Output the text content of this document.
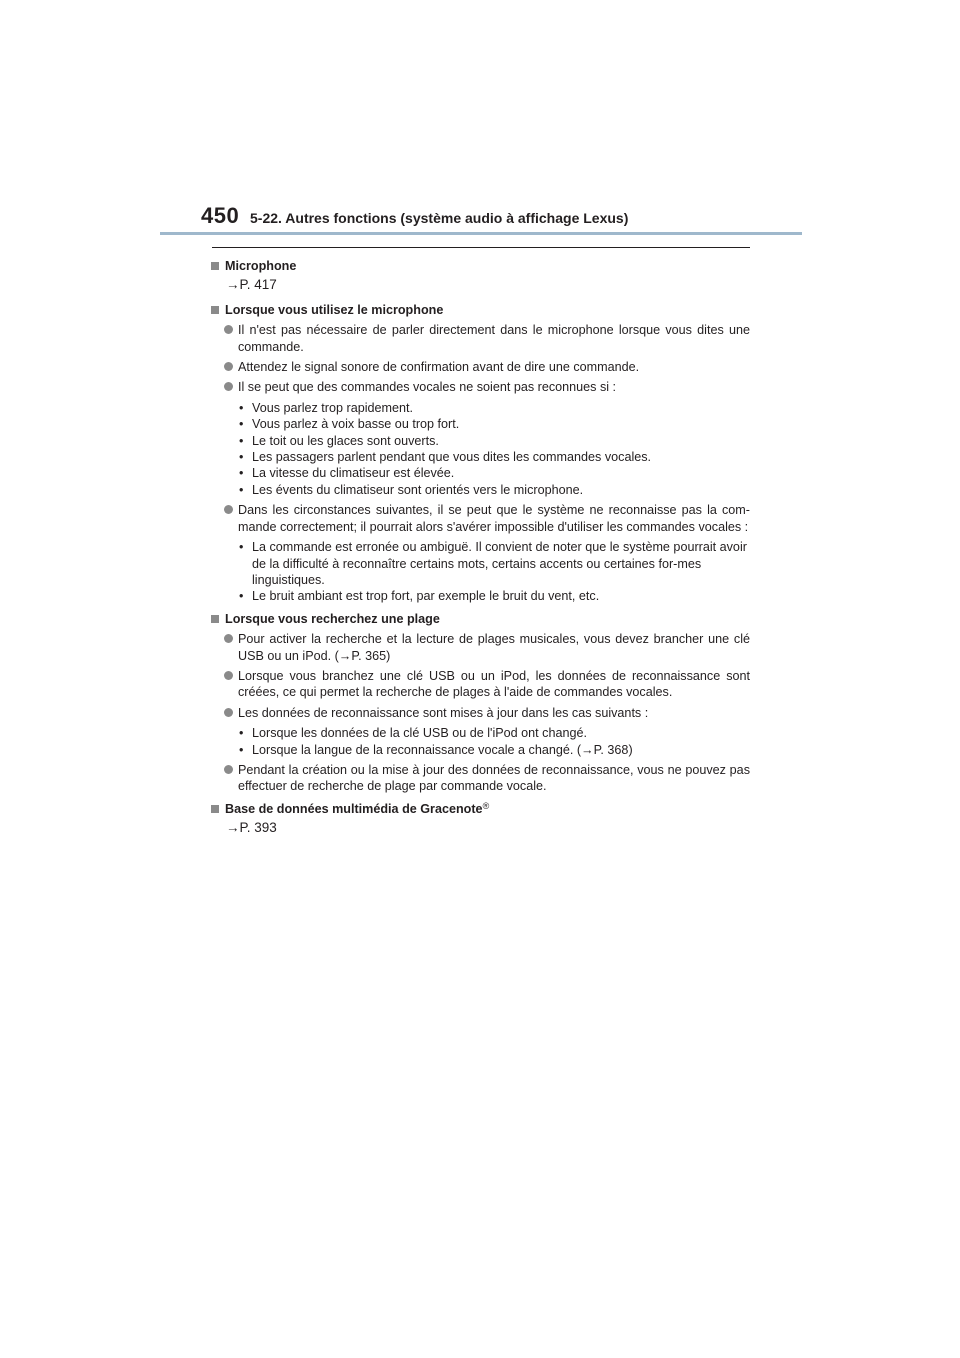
450 5-22. Autres fonctions (système audio à affichage Lexus)
Microphone
→P. 417
Lorsque vous utilisez le microphone
Il n'est pas nécessaire de parler directement dans le microphone lorsque vous dites une commande.
Attendez le signal sonore de confirmation avant de dire une commande.
Il se peut que des commandes vocales ne soient pas reconnues si :
• Vous parlez trop rapidement.
• Vous parlez à voix basse ou trop fort.
• Le toit ou les glaces sont ouverts.
• Les passagers parlent pendant que vous dites les commandes vocales.
• La vitesse du climatiseur est élevée.
• Les évents du climatiseur sont orientés vers le microphone.
Dans les circonstances suivantes, il se peut que le système ne reconnaisse pas la com-mande correctement; il pourrait alors s'avérer impossible d'utiliser les commandes vocales :
• La commande est erronée ou ambiguë. Il convient de noter que le système pourrait avoir de la difficulté à reconnaître certains mots, certains accents ou certaines for-mes linguistiques.
• Le bruit ambiant est trop fort, par exemple le bruit du vent, etc.
Lorsque vous recherchez une plage
Pour activer la recherche et la lecture de plages musicales, vous devez brancher une clé USB ou un iPod. (→P. 365)
Lorsque vous branchez une clé USB ou un iPod, les données de reconnaissance sont créées, ce qui permet la recherche de plages à l'aide de commandes vocales.
Les données de reconnaissance sont mises à jour dans les cas suivants :
• Lorsque les données de la clé USB ou de l'iPod ont changé.
• Lorsque la langue de la reconnaissance vocale a changé. (→P. 368)
Pendant la création ou la mise à jour des données de reconnaissance, vous ne pouvez pas effectuer de recherche de plage par commande vocale.
Base de données multimédia de Gracenote®
→P. 393
